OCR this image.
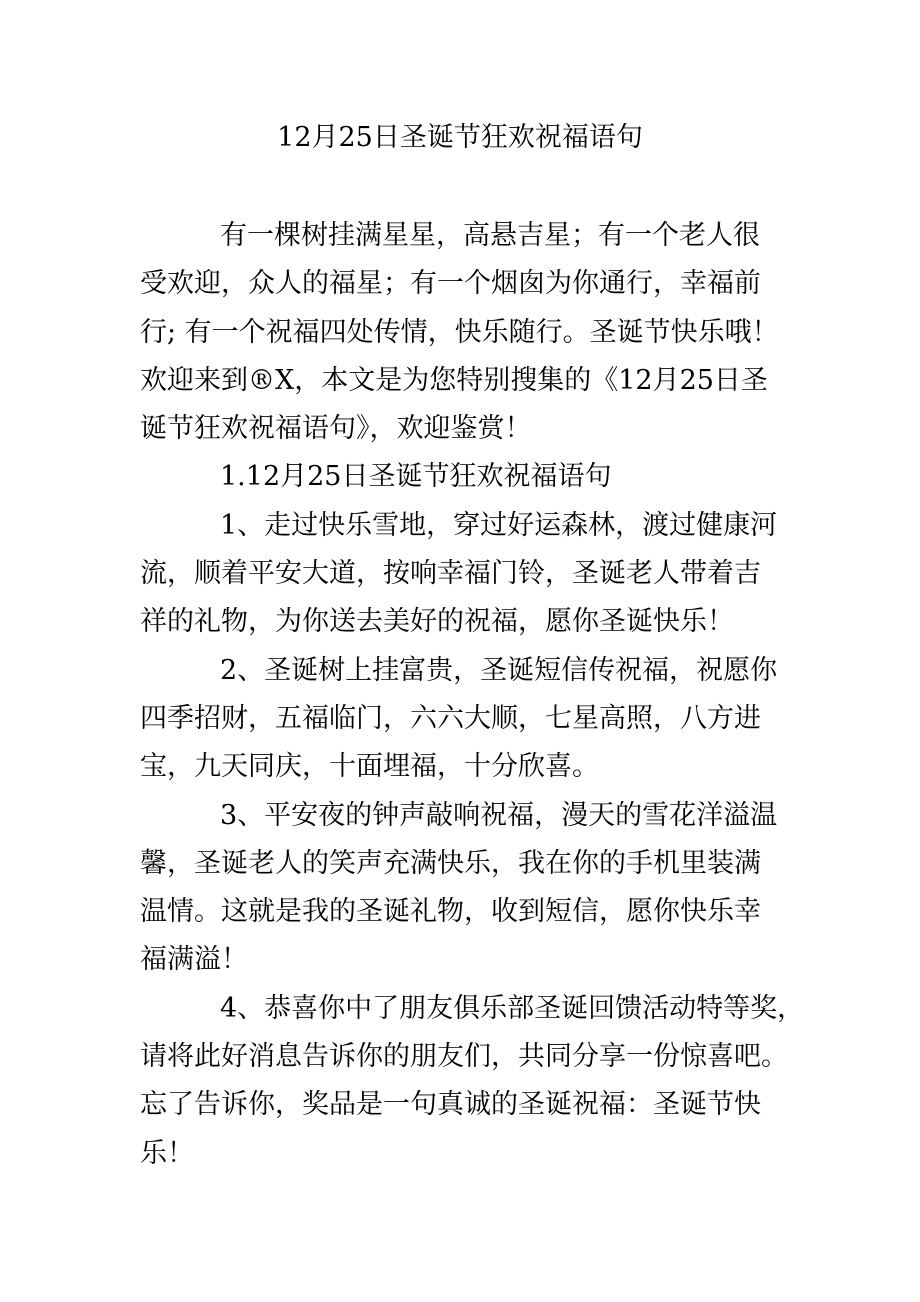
12月25日圣诞节狂欢祝福语句
有一棵树挂满星星，高悬吉星；有一个老人很
受欢迎，众人的福星；有一个烟囱为你通行，幸福前
行; 有一个祝福四处传情，快乐随行。圣诞节快乐哦！
欢迎来到®X，本文是为您特别搜集的《12月25日圣
诞节狂欢祝福语句》，欢迎鉴赏！
1.12月25日圣诞节狂欢祝福语句
1、走过快乐雪地，穿过好运森林，渡过健康河
流，顺着平安大道，按响幸福门铃，圣诞老人带着吉
祥的礼物，为你送去美好的祝福，愿你圣诞快乐！
2、圣诞树上挂富贵，圣诞短信传祝福，祝愿你
四季招财，五福临门，六六大顺，七星高照，八方进
宝，九天同庆，十面埋福，十分欣喜。
3、平安夜的钟声敲响祝福，漫天的雪花洋溢温
馨，圣诞老人的笑声充满快乐，我在你的手机里装满
温情。这就是我的圣诞礼物，收到短信，愿你快乐幸
福满溢！
4、恭喜你中了朋友俱乐部圣诞回馈活动特等奖，
请将此好消息告诉你的朋友们，共同分享一份惊喜吧。
忘了告诉你，奖品是一句真诚的圣诞祝福：圣诞节快
乐！
